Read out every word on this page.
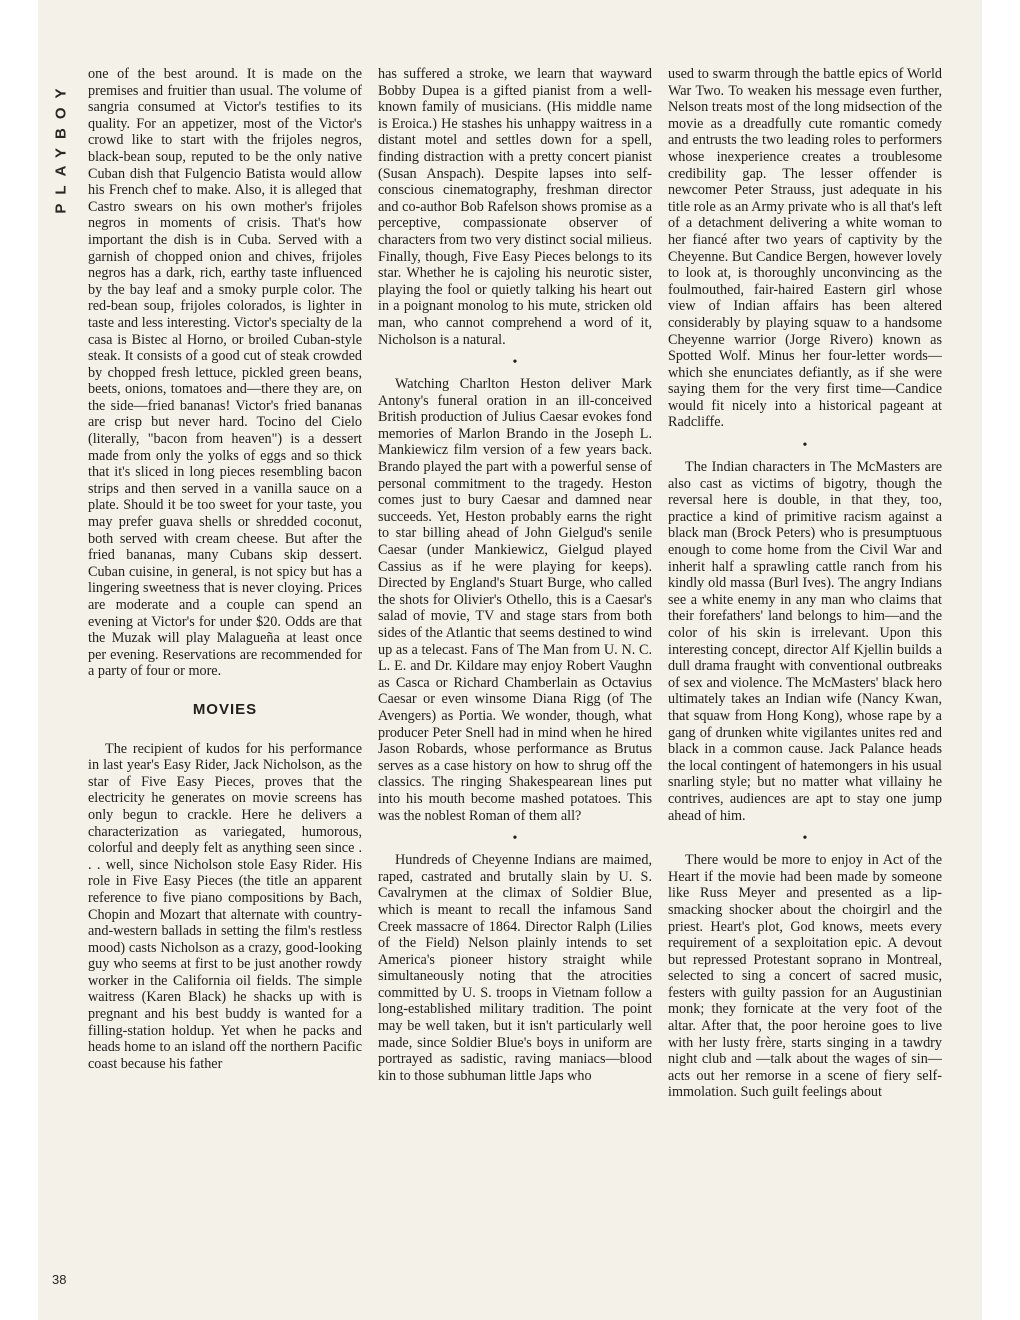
PLAYBOY

one of the best around. It is made on the premises and fruitier than usual. The volume of sangria consumed at Victor's testifies to its quality. For an appetizer, most of the Victor's crowd like to start with the frijoles negros, black-bean soup, reputed to be the only native Cuban dish that Fulgencio Batista would allow his French chef to make. Also, it is alleged that Castro swears on his own mother's frijoles negros in moments of crisis. That's how important the dish is in Cuba. Served with a garnish of chopped onion and chives, frijoles negros has a dark, rich, earthy taste influenced by the bay leaf and a smoky purple color. The red-bean soup, frijoles colorados, is lighter in taste and less interesting. Victor's specialty de la casa is Bistec al Horno, or broiled Cuban-style steak. It consists of a good cut of steak crowded by chopped fresh lettuce, pickled green beans, beets, onions, tomatoes and—there they are, on the side—fried bananas! Victor's fried bananas are crisp but never hard. Tocino del Cielo (literally, "bacon from heaven") is a dessert made from only the yolks of eggs and so thick that it's sliced in long pieces resembling bacon strips and then served in a vanilla sauce on a plate. Should it be too sweet for your taste, you may prefer guava shells or shredded coconut, both served with cream cheese. But after the fried bananas, many Cubans skip dessert. Cuban cuisine, in general, is not spicy but has a lingering sweetness that is never cloying. Prices are moderate and a couple can spend an evening at Victor's for under $20. Odds are that the Muzak will play Malagueña at least once per evening. Reservations are recommended for a party of four or more.

MOVIES

The recipient of kudos for his performance in last year's Easy Rider, Jack Nicholson, as the star of Five Easy Pieces, proves that the electricity he generates on movie screens has only begun to crackle. Here he delivers a characterization as variegated, humorous, colorful and deeply felt as anything seen since . . . well, since Nicholson stole Easy Rider. His role in Five Easy Pieces (the title an apparent reference to five piano compositions by Bach, Chopin and Mozart that alternate with country-and-western ballads in setting the film's restless mood) casts Nicholson as a crazy, good-looking guy who seems at first to be just another rowdy worker in the California oil fields. The simple waitress (Karen Black) he shacks up with is pregnant and his best buddy is wanted for a filling-station holdup. Yet when he packs and heads home to an island off the northern Pacific coast because his father

has suffered a stroke, we learn that wayward Bobby Dupea is a gifted pianist from a well-known family of musicians. (His middle name is Eroica.) He stashes his unhappy waitress in a distant motel and settles down for a spell, finding distraction with a pretty concert pianist (Susan Anspach). Despite lapses into self-conscious cinematography, freshman director and co-author Bob Rafelson shows promise as a perceptive, compassionate observer of characters from two very distinct social milieus. Finally, though, Five Easy Pieces belongs to its star. Whether he is cajoling his neurotic sister, playing the fool or quietly talking his heart out in a poignant monolog to his mute, stricken old man, who cannot comprehend a word of it, Nicholson is a natural.

•

Watching Charlton Heston deliver Mark Antony's funeral oration in an ill-conceived British production of Julius Caesar evokes fond memories of Marlon Brando in the Joseph L. Mankiewicz film version of a few years back. Brando played the part with a powerful sense of personal commitment to the tragedy. Heston comes just to bury Caesar and damned near succeeds. Yet, Heston probably earns the right to star billing ahead of John Gielgud's senile Caesar (under Mankiewicz, Gielgud played Cassius as if he were playing for keeps). Directed by England's Stuart Burge, who called the shots for Olivier's Othello, this is a Caesar's salad of movie, TV and stage stars from both sides of the Atlantic that seems destined to wind up as a telecast. Fans of The Man from U. N. C. L. E. and Dr. Kildare may enjoy Robert Vaughn as Casca or Richard Chamberlain as Octavius Caesar or even winsome Diana Rigg (of The Avengers) as Portia. We wonder, though, what producer Peter Snell had in mind when he hired Jason Robards, whose performance as Brutus serves as a case history on how to shrug off the classics. The ringing Shakespearean lines put into his mouth become mashed potatoes. This was the noblest Roman of them all?

•

Hundreds of Cheyenne Indians are maimed, raped, castrated and brutally slain by U. S. Cavalrymen at the climax of Soldier Blue, which is meant to recall the infamous Sand Creek massacre of 1864. Director Ralph (Lilies of the Field) Nelson plainly intends to set America's pioneer history straight while simultaneously noting that the atrocities committed by U. S. troops in Vietnam follow a long-established military tradition. The point may be well taken, but it isn't particularly well made, since Soldier Blue's boys in uniform are portrayed as sadistic, raving maniacs—blood kin to those subhuman little Japs who

used to swarm through the battle epics of World War Two. To weaken his message even further, Nelson treats most of the long midsection of the movie as a dreadfully cute romantic comedy and entrusts the two leading roles to performers whose inexperience creates a troublesome credibility gap. The lesser offender is newcomer Peter Strauss, just adequate in his title role as an Army private who is all that's left of a detachment delivering a white woman to her fiancé after two years of captivity by the Cheyenne. But Candice Bergen, however lovely to look at, is thoroughly unconvincing as the foulmouthed, fair-haired Eastern girl whose view of Indian affairs has been altered considerably by playing squaw to a handsome Cheyenne warrior (Jorge Rivero) known as Spotted Wolf. Minus her four-letter words—which she enunciates defiantly, as if she were saying them for the very first time—Candice would fit nicely into a historical pageant at Radcliffe.

•

The Indian characters in The McMasters are also cast as victims of bigotry, though the reversal here is double, in that they, too, practice a kind of primitive racism against a black man (Brock Peters) who is presumptuous enough to come home from the Civil War and inherit half a sprawling cattle ranch from his kindly old massa (Burl Ives). The angry Indians see a white enemy in any man who claims that their forefathers' land belongs to him—and the color of his skin is irrelevant. Upon this interesting concept, director Alf Kjellin builds a dull drama fraught with conventional outbreaks of sex and violence. The McMasters' black hero ultimately takes an Indian wife (Nancy Kwan, that squaw from Hong Kong), whose rape by a gang of drunken white vigilantes unites red and black in a common cause. Jack Palance heads the local contingent of hatemongers in his usual snarling style; but no matter what villainy he contrives, audiences are apt to stay one jump ahead of him.

•

There would be more to enjoy in Act of the Heart if the movie had been made by someone like Russ Meyer and presented as a lip-smacking shocker about the choirgirl and the priest. Heart's plot, God knows, meets every requirement of a sexploitation epic. A devout but repressed Protestant soprano in Montreal, selected to sing a concert of sacred music, festers with guilty passion for an Augustinian monk; they fornicate at the very foot of the altar. After that, the poor heroine goes to live with her lusty frère, starts singing in a tawdry night club and —talk about the wages of sin—acts out her remorse in a scene of fiery self-immolation. Such guilt feelings about

38
